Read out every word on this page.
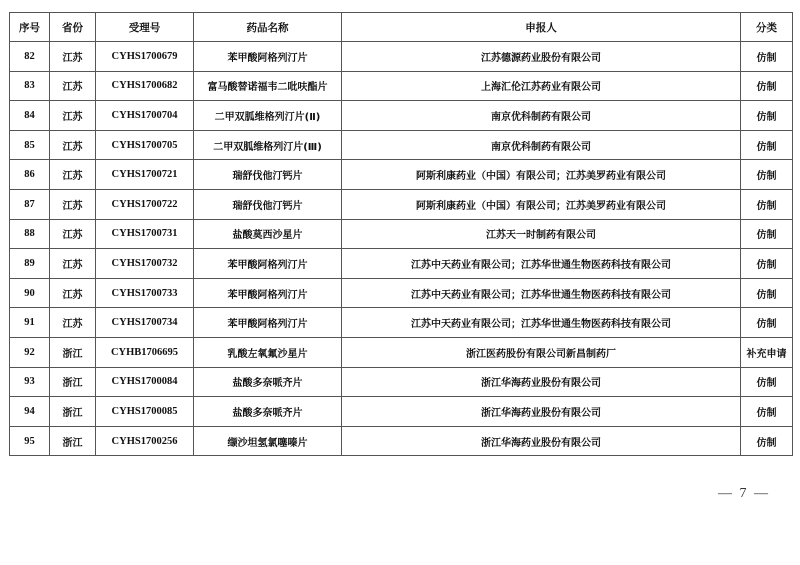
序号	省份	受理号	药品名称	申报人	分类
82	江苏	CYHS1700679	苯甲酸阿格列汀片	江苏德源药业股份有限公司	仿制
83	江苏	CYHS1700682	富马酸替诺福韦二吡呋酯片	上海汇伦江苏药业有限公司	仿制
84	江苏	CYHS1700704	二甲双胍维格列汀片(Ⅱ)	南京优科制药有限公司	仿制
85	江苏	CYHS1700705	二甲双胍维格列汀片(Ⅲ)	南京优科制药有限公司	仿制
86	江苏	CYHS1700721	瑞舒伐他汀钙片	阿斯利康药业（中国）有限公司；江苏美罗药业有限公司	仿制
87	江苏	CYHS1700722	瑞舒伐他汀钙片	阿斯利康药业（中国）有限公司；江苏美罗药业有限公司	仿制
88	江苏	CYHS1700731	盐酸莫西沙星片	江苏天一时制药有限公司	仿制
89	江苏	CYHS1700732	苯甲酸阿格列汀片	江苏中天药业有限公司；江苏华世通生物医药科技有限公司	仿制
90	江苏	CYHS1700733	苯甲酸阿格列汀片	江苏中天药业有限公司；江苏华世通生物医药科技有限公司	仿制
91	江苏	CYHS1700734	苯甲酸阿格列汀片	江苏中天药业有限公司；江苏华世通生物医药科技有限公司	仿制
92	浙江	CYHB1706695	乳酸左氧氟沙星片	浙江医药股份有限公司新昌制药厂	补充申请
93	浙江	CYHS1700084	盐酸多奈哌齐片	浙江华海药业股份有限公司	仿制
94	浙江	CYHS1700085	盐酸多奈哌齐片	浙江华海药业股份有限公司	仿制
95	浙江	CYHS1700256	缬沙坦氢氯噻嗪片	浙江华海药业股份有限公司	仿制
— 7 —
